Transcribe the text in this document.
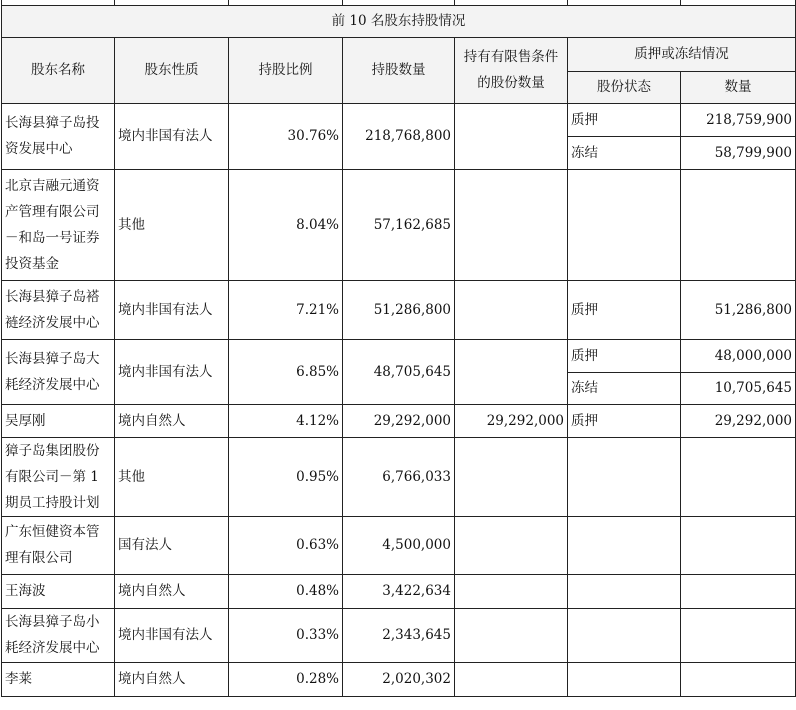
前 10 名股东持股情况						
股东名称	股东性质	持股比例	持股数量	持有有限售条件的股份数量	质押或冻结情况	
					股份状态	数量
长海县獐子岛投资发展中心	境内非国有法人	30.76%	218,768,800		质押	218,759,900
					冻结	58,799,900
北京吉融元通资产管理有限公司－和岛一号证券投资基金	其他	8.04%	57,162,685			
长海县獐子岛褡裢经济发展中心	境内非国有法人	7.21%	51,286,800		质押	51,286,800
长海县獐子岛大耗经济发展中心	境内非国有法人	6.85%	48,705,645		质押	48,000,000
					冻结	10,705,645
吴厚刚	境内自然人	4.12%	29,292,000	29,292,000	质押	29,292,000
獐子岛集团股份有限公司－第 1 期员工持股计划	其他	0.95%	6,766,033			
广东恒健资本管理有限公司	国有法人	0.63%	4,500,000			
王海波	境内自然人	0.48%	3,422,634			
长海县獐子岛小耗经济发展中心	境内非国有法人	0.33%	2,343,645			
李莱	境内自然人	0.28%	2,020,302			
